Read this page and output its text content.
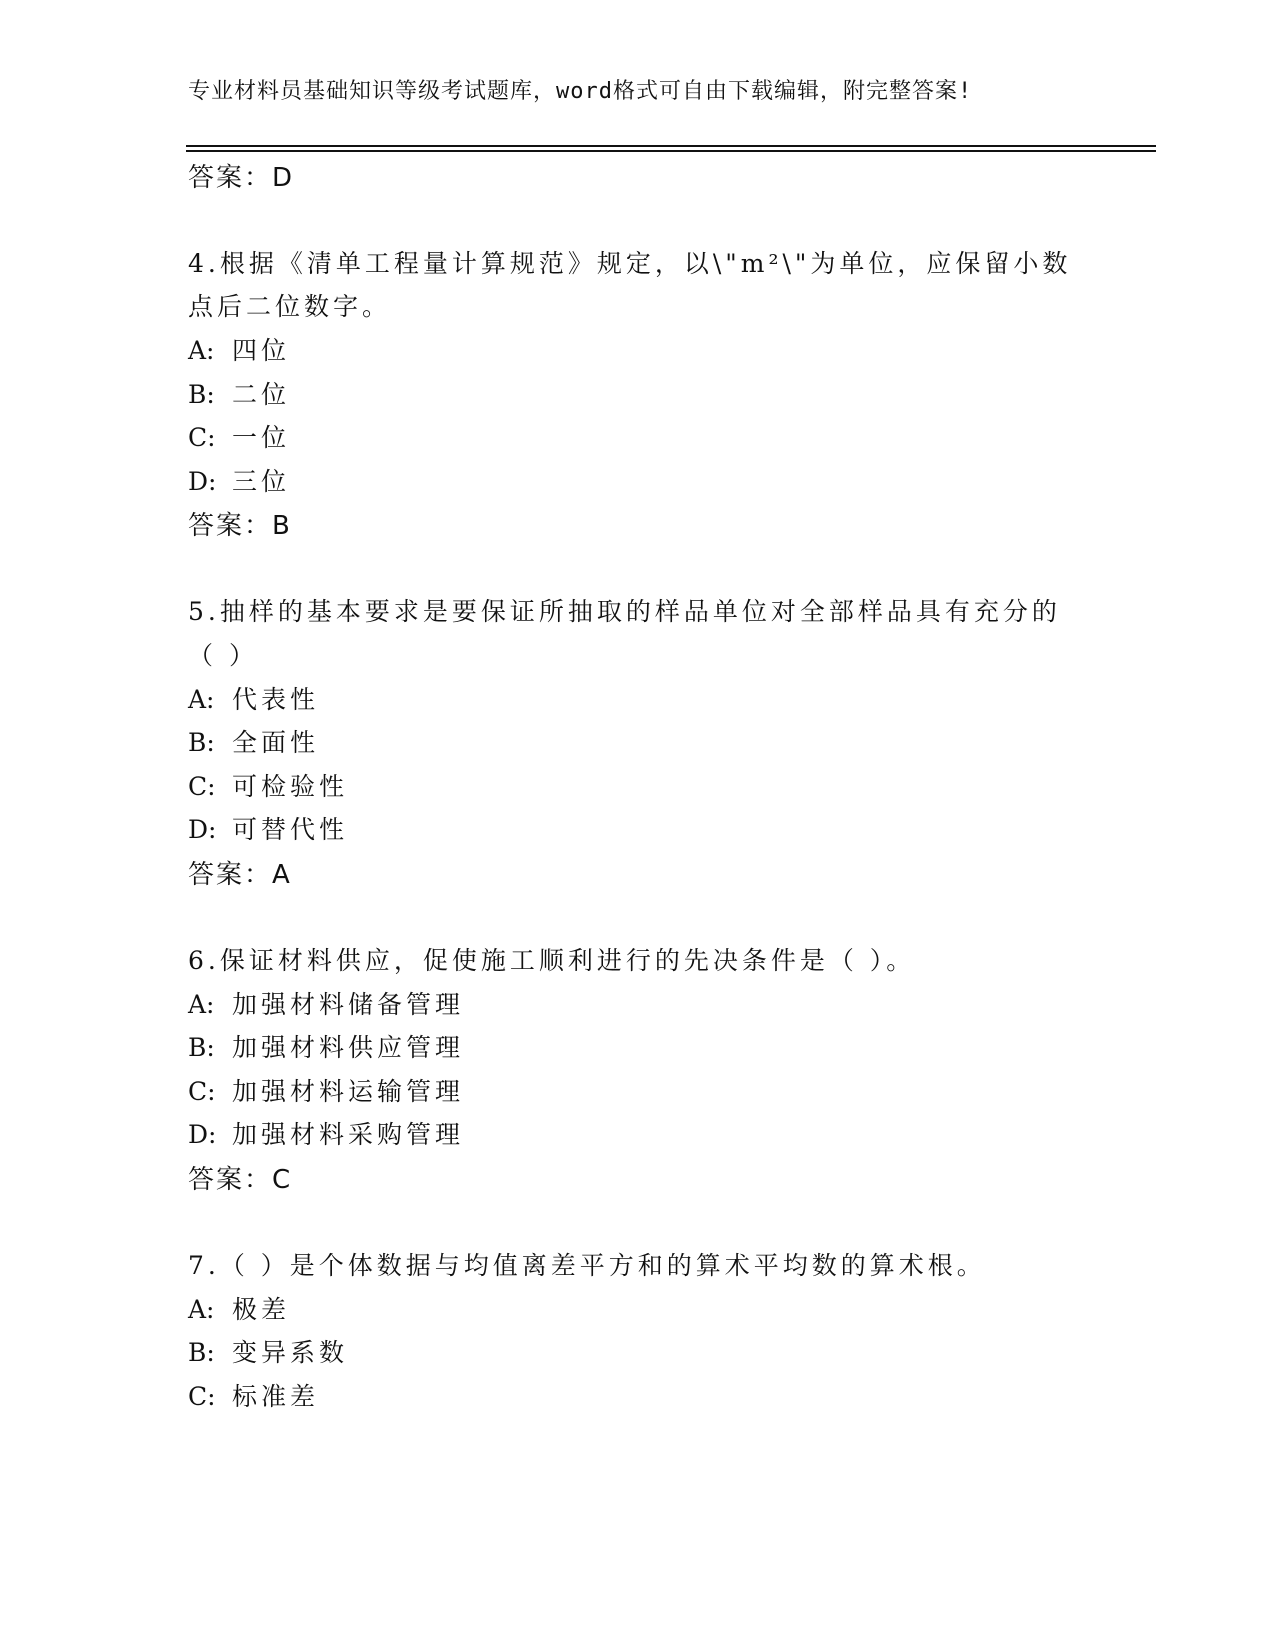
专业材料员基础知识等级考试题库，word格式可自由下载编辑，附完整答案!
答案：D
4.根据《清单工程量计算规范》规定，以\"m²\"为单位，应保留小数
点后二位数字。
A: 四位
B: 二位
C: 一位
D: 三位
答案：B
5.抽样的基本要求是要保证所抽取的样品单位对全部样品具有充分的
（ ）
A: 代表性
B: 全面性
C: 可检验性
D: 可替代性
答案：A
6.保证材料供应，促使施工顺利进行的先决条件是（ ）。
A: 加强材料储备管理
B: 加强材料供应管理
C: 加强材料运输管理
D: 加强材料采购管理
答案：C
7.（ ）是个体数据与均值离差平方和的算术平均数的算术根。
A: 极差
B: 变异系数
C: 标准差
